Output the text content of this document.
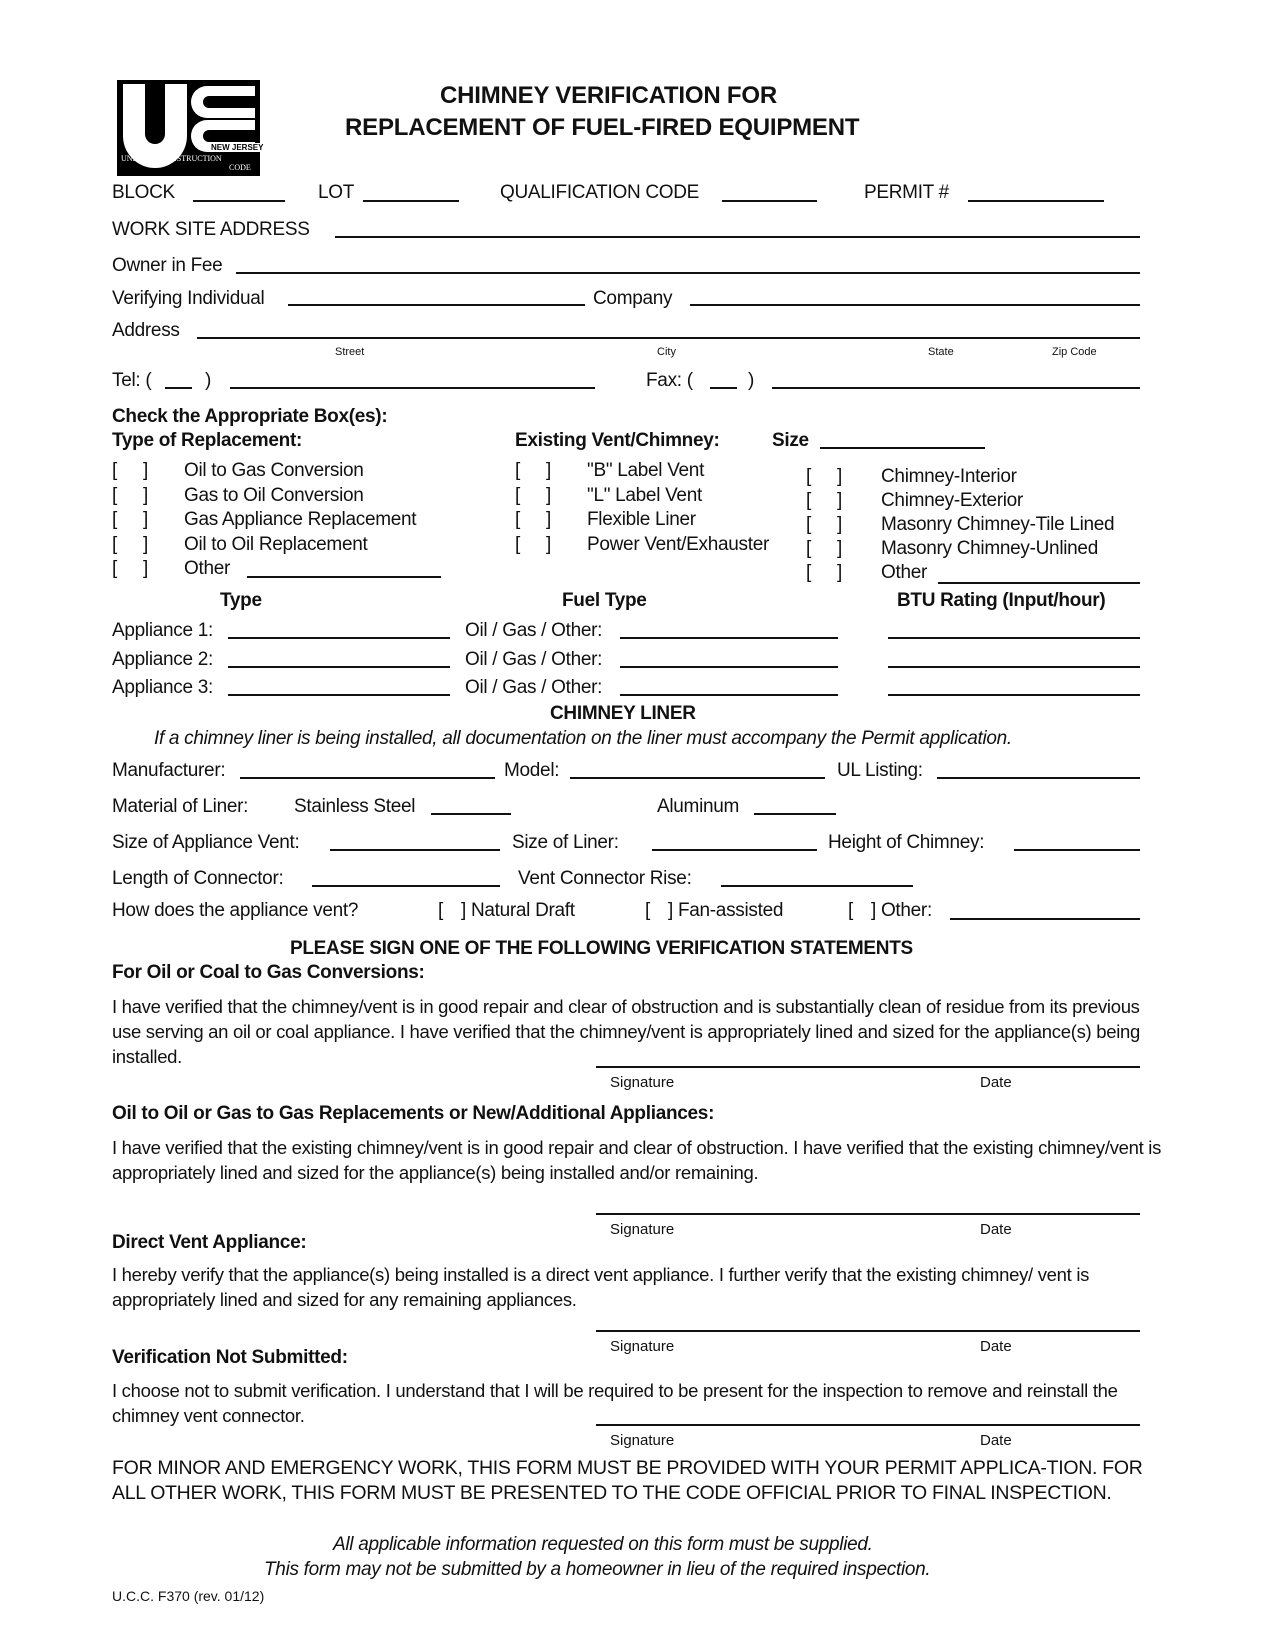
NEW JERSEY
UNIFORM CONSTRUCTION
CODE
CHIMNEY VERIFICATION FOR
REPLACEMENT OF FUEL-FIRED EQUIPMENT
BLOCK	LOT	QUALIFICATION CODE	PERMIT #
WORK SITE ADDRESS
Owner in Fee
Verifying Individual	Company
Address
Street	City	State	Zip Code
Tel: (	)	Fax: (	)
Check the Appropriate Box(es):
Type of Replacement:	Existing Vent/Chimney:	Size
[ ] Oil to Gas Conversion
[ ] Gas to Oil Conversion
[ ] Gas Appliance Replacement
[ ] Oil to Oil Replacement
[ ] Other
[ ] "B" Label Vent
[ ] "L" Label Vent
[ ] Flexible Liner
[ ] Power Vent/Exhauster
[ ] Chimney-Interior
[ ] Chimney-Exterior
[ ] Masonry Chimney-Tile Lined
[ ] Masonry Chimney-Unlined
[ ] Other
Type	Fuel Type	BTU Rating (Input/hour)
Appliance 1:	Oil / Gas / Other:
Appliance 2:	Oil / Gas / Other:
Appliance 3:	Oil / Gas / Other:
CHIMNEY LINER
If a chimney liner is being installed, all documentation on the liner must accompany the Permit application.
Manufacturer:	Model:	UL Listing:
Material of Liner: Stainless Steel	Aluminum
Size of Appliance Vent:	Size of Liner:	Height of Chimney:
Length of Connector:	Vent Connector Rise:
How does the appliance vent?	[ ] Natural Draft	[ ] Fan-assisted	[ ] Other:
PLEASE SIGN ONE OF THE FOLLOWING VERIFICATION STATEMENTS
For Oil or Coal to Gas Conversions:
I have verified that the chimney/vent is in good repair and clear of obstruction and is substantially clean of residue from its previous use serving an oil or coal appliance. I have verified that the chimney/vent is appropriately lined and sized for the appliance(s) being installed.
Signature	Date
Oil to Oil or Gas to Gas Replacements or New/Additional Appliances:
I have verified that the existing chimney/vent is in good repair and clear of obstruction. I have verified that the existing chimney/vent is appropriately lined and sized for the appliance(s) being installed and/or remaining.
Signature	Date
Direct Vent Appliance:
I hereby verify that the appliance(s) being installed is a direct vent appliance. I further verify that the existing chimney/ vent is appropriately lined and sized for any remaining appliances.
Signature	Date
Verification Not Submitted:
I choose not to submit verification. I understand that I will be required to be present for the inspection to remove and reinstall the chimney vent connector.
Signature	Date
FOR MINOR AND EMERGENCY WORK, THIS FORM MUST BE PROVIDED WITH YOUR PERMIT APPLICA-TION. FOR ALL OTHER WORK, THIS FORM MUST BE PRESENTED TO THE CODE OFFICIAL PRIOR TO FINAL INSPECTION.
All applicable information requested on this form must be supplied.
This form may not be submitted by a homeowner in lieu of the required inspection.
U.C.C. F370 (rev. 01/12)
